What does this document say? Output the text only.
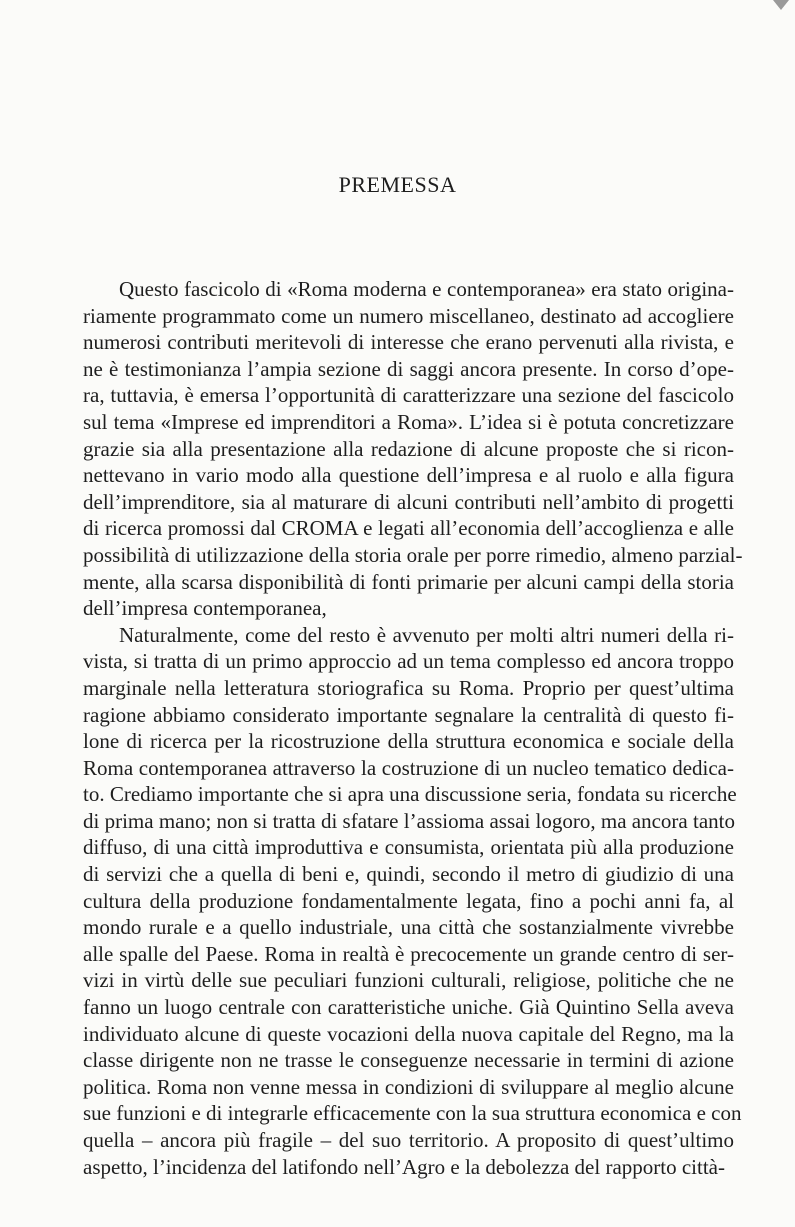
PREMESSA
Questo fascicolo di «Roma moderna e contemporanea» era stato origina-
riamente programmato come un numero miscellaneo, destinato ad accogliere
numerosi contributi meritevoli di interesse che erano pervenuti alla rivista, e
ne è testimonianza l’ampia sezione di saggi ancora presente. In corso d’ope-
ra, tuttavia, è emersa l’opportunità di caratterizzare una sezione del fascicolo
sul tema «Imprese ed imprenditori a Roma». L’idea si è potuta concretizzare
grazie sia alla presentazione alla redazione di alcune proposte che si ricon-
nettevano in vario modo alla questione dell’impresa e al ruolo e alla figura
dell’imprenditore, sia al maturare di alcuni contributi nell’ambito di progetti
di ricerca promossi dal CROMA e legati all’economia dell’accoglienza e alle
possibilità di utilizzazione della storia orale per porre rimedio, almeno parzial-
mente, alla scarsa disponibilità di fonti primarie per alcuni campi della storia
dell’impresa contemporanea,
Naturalmente, come del resto è avvenuto per molti altri numeri della ri-
vista, si tratta di un primo approccio ad un tema complesso ed ancora troppo
marginale nella letteratura storiografica su Roma. Proprio per quest’ultima
ragione abbiamo considerato importante segnalare la centralità di questo fi-
lone di ricerca per la ricostruzione della struttura economica e sociale della
Roma contemporanea attraverso la costruzione di un nucleo tematico dedica-
to. Crediamo importante che si apra una discussione seria, fondata su ricerche
di prima mano; non si tratta di sfatare l’assioma assai logoro, ma ancora tanto
diffuso, di una città improduttiva e consumista, orientata più alla produzione
di servizi che a quella di beni e, quindi, secondo il metro di giudizio di una
cultura della produzione fondamentalmente legata, fino a pochi anni fa, al
mondo rurale e a quello industriale, una città che sostanzialmente vivrebbe
alle spalle del Paese. Roma in realtà è precocemente un grande centro di ser-
vizi in virtù delle sue peculiari funzioni culturali, religiose, politiche che ne
fanno un luogo centrale con caratteristiche uniche. Già Quintino Sella aveva
individuato alcune di queste vocazioni della nuova capitale del Regno, ma la
classe dirigente non ne trasse le conseguenze necessarie in termini di azione
politica. Roma non venne messa in condizioni di sviluppare al meglio alcune
sue funzioni e di integrarle efficacemente con la sua struttura economica e con
quella – ancora più fragile – del suo territorio. A proposito di quest’ultimo
aspetto, l’incidenza del latifondo nell’Agro e la debolezza del rapporto città-
